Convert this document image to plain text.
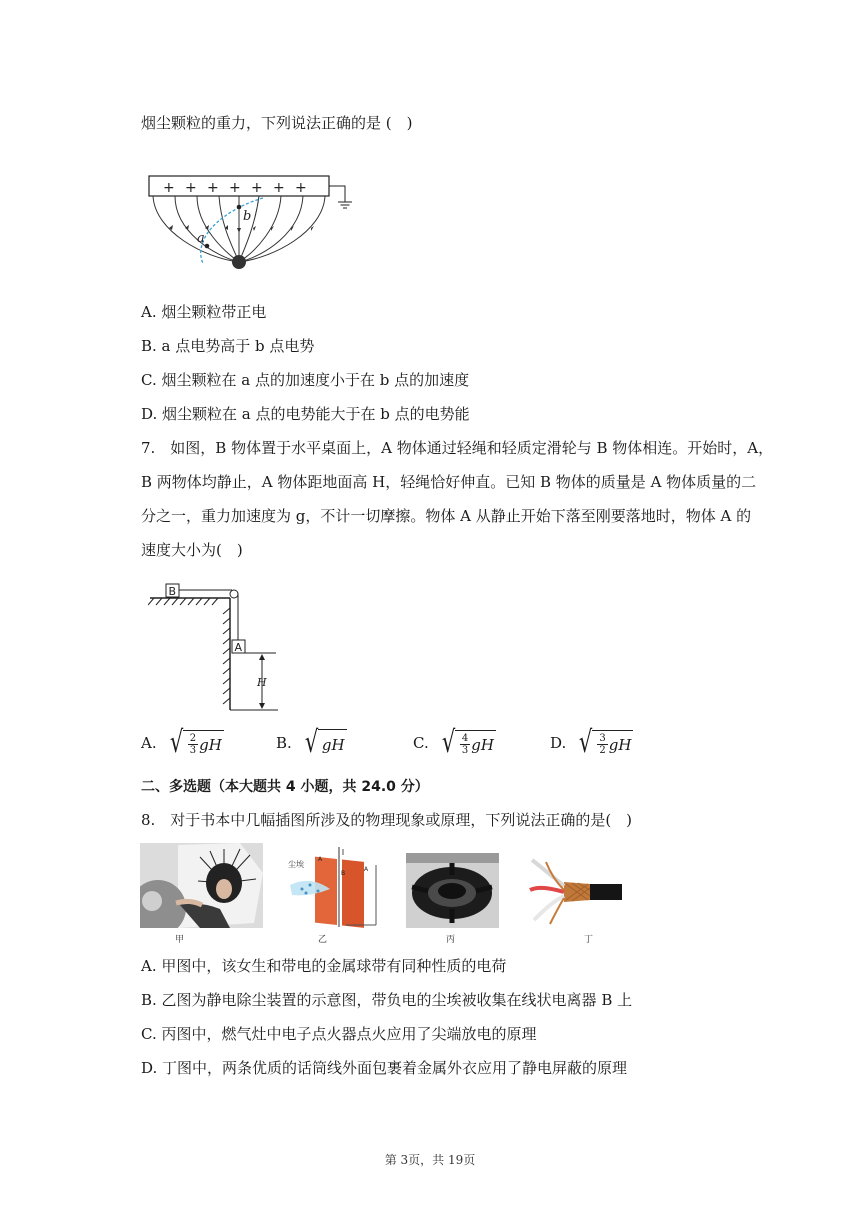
烟尘颗粒的重力，下列说法正确的是 (　)
+ + + + + + +
b
a
A. 烟尘颗粒带正电
B. a 点电势高于 b 点电势
C. 烟尘颗粒在 a 点的加速度小于在 b 点的加速度
D. 烟尘颗粒在 a 点的电势能大于在 b 点的电势能
7.　如图，B 物体置于水平桌面上，A 物体通过轻绳和轻质定滑轮与 B 物体相连。开始时，A，
B 两物体均静止，A 物体距地面高 H，轻绳恰好伸直。已知 B 物体的质量是 A 物体质量的二
分之一，重力加速度为 g，不计一切摩擦。物体 A 从静止开始下落至刚要落地时，物体 A 的
速度大小为(　)
B
A
H
A. √ $\frac{2}{3}$ gH	B. √ gH	C. √ $\frac{4}{3}$ gH	D. √ $\frac{3}{2}$ gH
二、多选题（本大题共 4 小题，共 24.0 分）
8.　对于书本中几幅插图所涉及的物理现象或原理，下列说法正确的是(　)
甲
尘埃
A
B
A
乙	丙	丁
A. 甲图中，该女生和带电的金属球带有同种性质的电荷
B. 乙图为静电除尘装置的示意图，带负电的尘埃被收集在线状电离器 B 上
C. 丙图中，燃气灶中电子点火器点火应用了尖端放电的原理
D. 丁图中，两条优质的话筒线外面包裹着金属外衣应用了静电屏蔽的原理
第 3页，共 19页
